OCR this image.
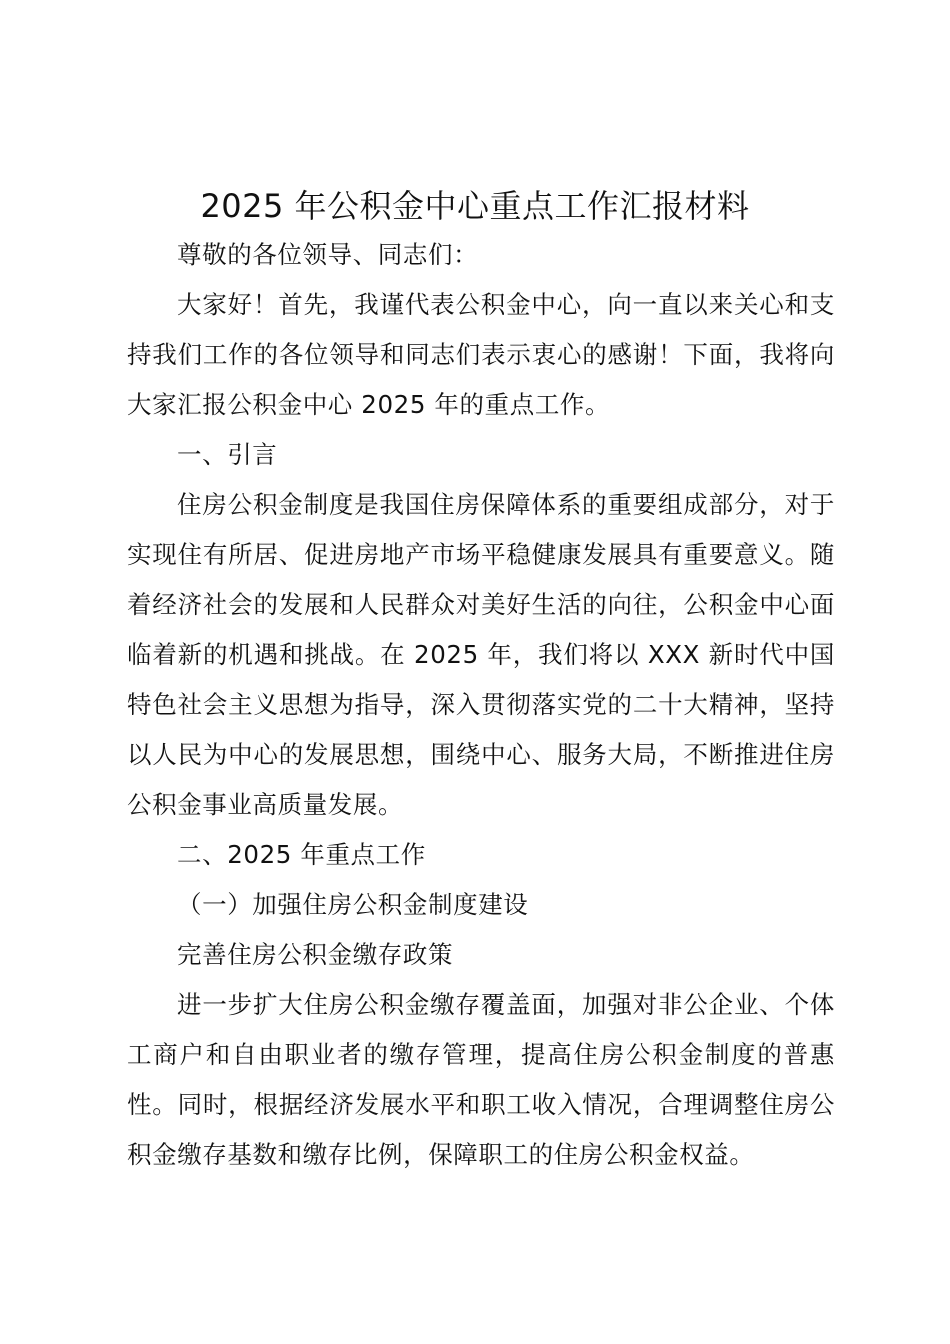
2025 年公积金中心重点工作汇报材料

尊敬的各位领导、同志们：

大家好！首先，我谨代表公积金中心，向一直以来关心和支持我们工作的各位领导和同志们表示衷心的感谢！下面，我将向大家汇报公积金中心 2025 年的重点工作。

一、引言

住房公积金制度是我国住房保障体系的重要组成部分，对于实现住有所居、促进房地产市场平稳健康发展具有重要意义。随着经济社会的发展和人民群众对美好生活的向往，公积金中心面临着新的机遇和挑战。在 2025 年，我们将以 XXX 新时代中国特色社会主义思想为指导，深入贯彻落实党的二十大精神，坚持以人民为中心的发展思想，围绕中心、服务大局，不断推进住房公积金事业高质量发展。

二、2025 年重点工作

（一）加强住房公积金制度建设

完善住房公积金缴存政策

进一步扩大住房公积金缴存覆盖面，加强对非公企业、个体工商户和自由职业者的缴存管理，提高住房公积金制度的普惠性。同时，根据经济发展水平和职工收入情况，合理调整住房公积金缴存基数和缴存比例，保障职工的住房公积金权益。
